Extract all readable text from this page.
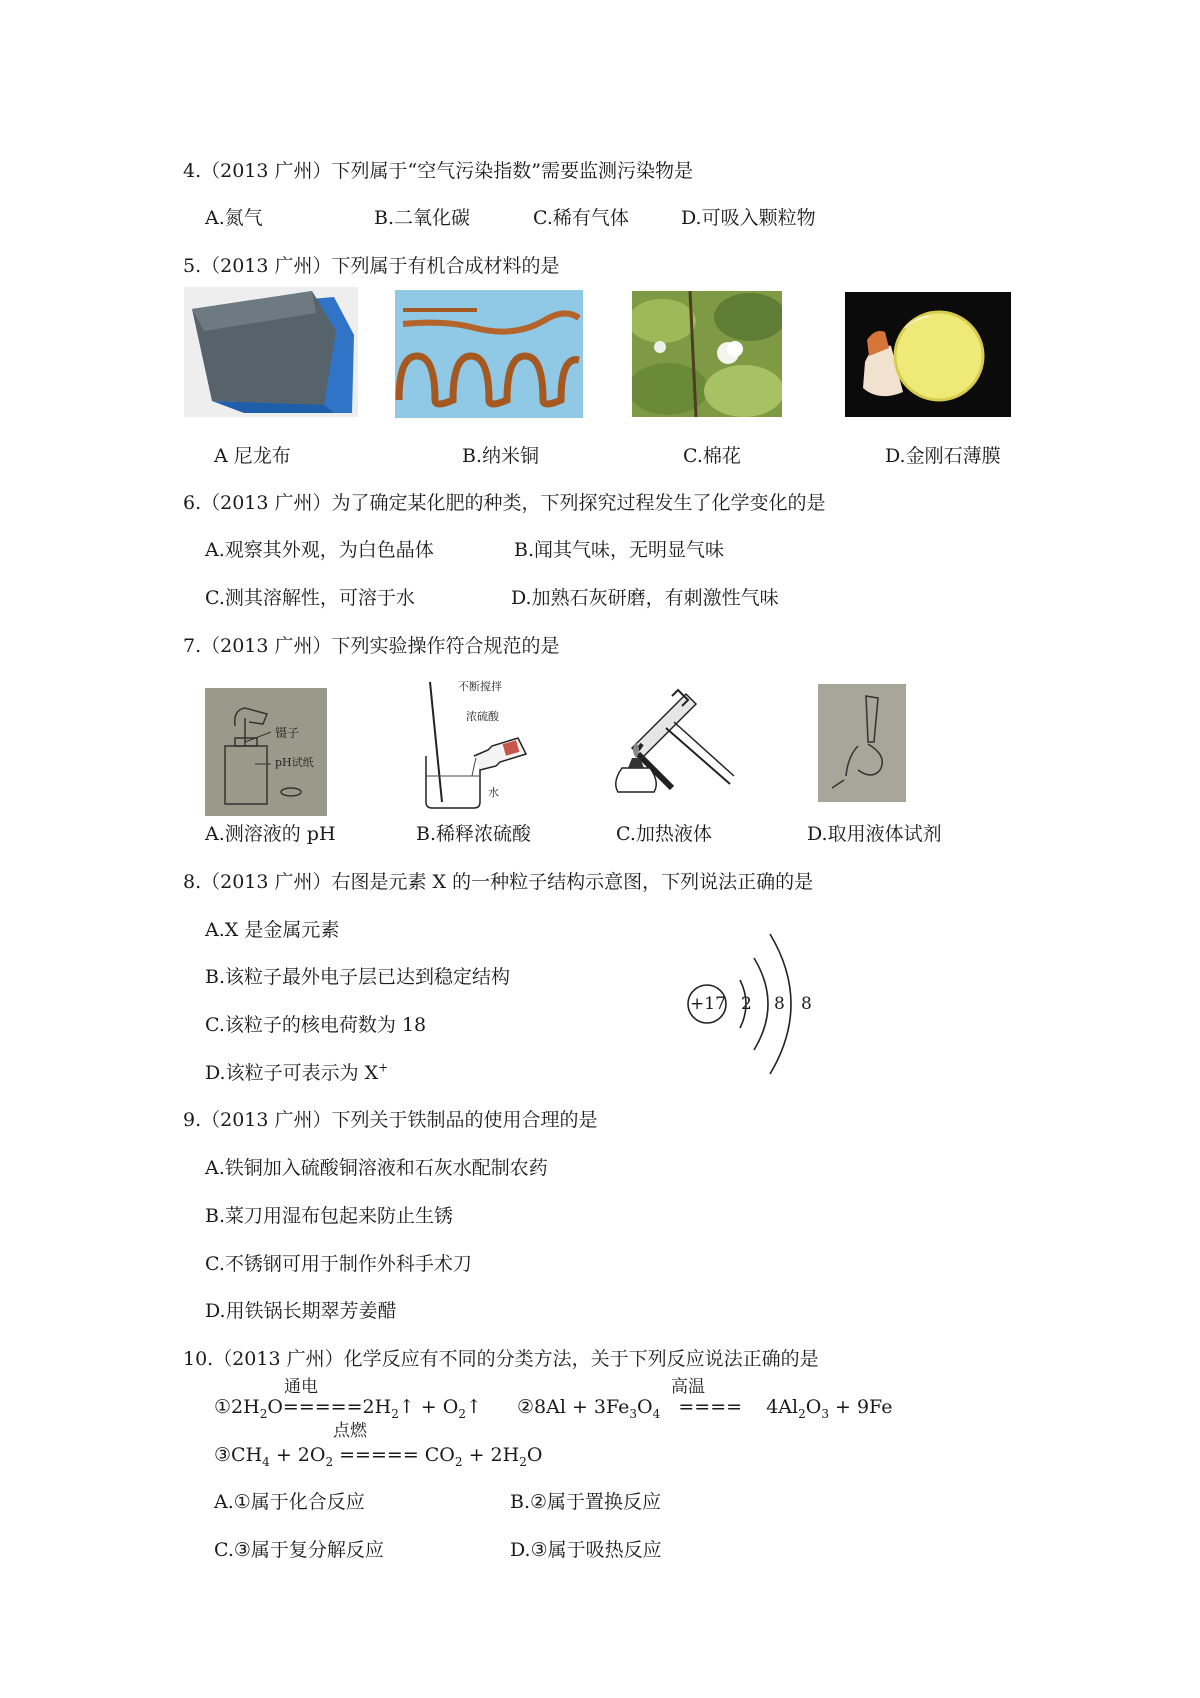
4.（2013 广州）下列属于“空气污染指数”需要监测污染物是
A.氮气	B.二氧化碳	C.稀有气体	D.可吸入颗粒物
5.（2013 广州）下列属于有机合成材料的是
A 尼龙布	B.纳米铜	C.棉花	D.金刚石薄膜
6.（2013 广州）为了确定某化肥的种类，下列探究过程发生了化学变化的是
A.观察其外观，为白色晶体	B.闻其气味，无明显气味
C.测其溶解性，可溶于水	D.加熟石灰研磨，有刺激性气味
7.（2013 广州）下列实验操作符合规范的是
镊子
pH试纸
不断搅拌
浓硫酸
水
A.测溶液的 pH	B.稀释浓硫酸	C.加热液体	D.取用液体试剂
8.（2013 广州）右图是元素 X 的一种粒子结构示意图，下列说法正确的是
A.X 是金属元素
B.该粒子最外电子层已达到稳定结构
C.该粒子的核电荷数为 18
D.该粒子可表示为 X+
+17 2 8 8
9.（2013 广州）下列关于铁制品的使用合理的是
A.铁铜加入硫酸铜溶液和石灰水配制农药
B.菜刀用湿布包起来防止生锈
C.不锈钢可用于制作外科手术刀
D.用铁锅长期翠芳姜醋
10.（2013 广州）化学反应有不同的分类方法，关于下列反应说法正确的是
通电
$①2H_2O=====2H_2↑$ + $O_2↑$
高温
②8Al + $3Fe_3O_4$   ====    $4Al_2O_3 + 9Fe$
点燃
$③CH_4 + 2O_2$ ===== $CO_2 + 2H_2O$
A.①属于化合反应	B.②属于置换反应
C.③属于复分解反应	D.③属于吸热反应
